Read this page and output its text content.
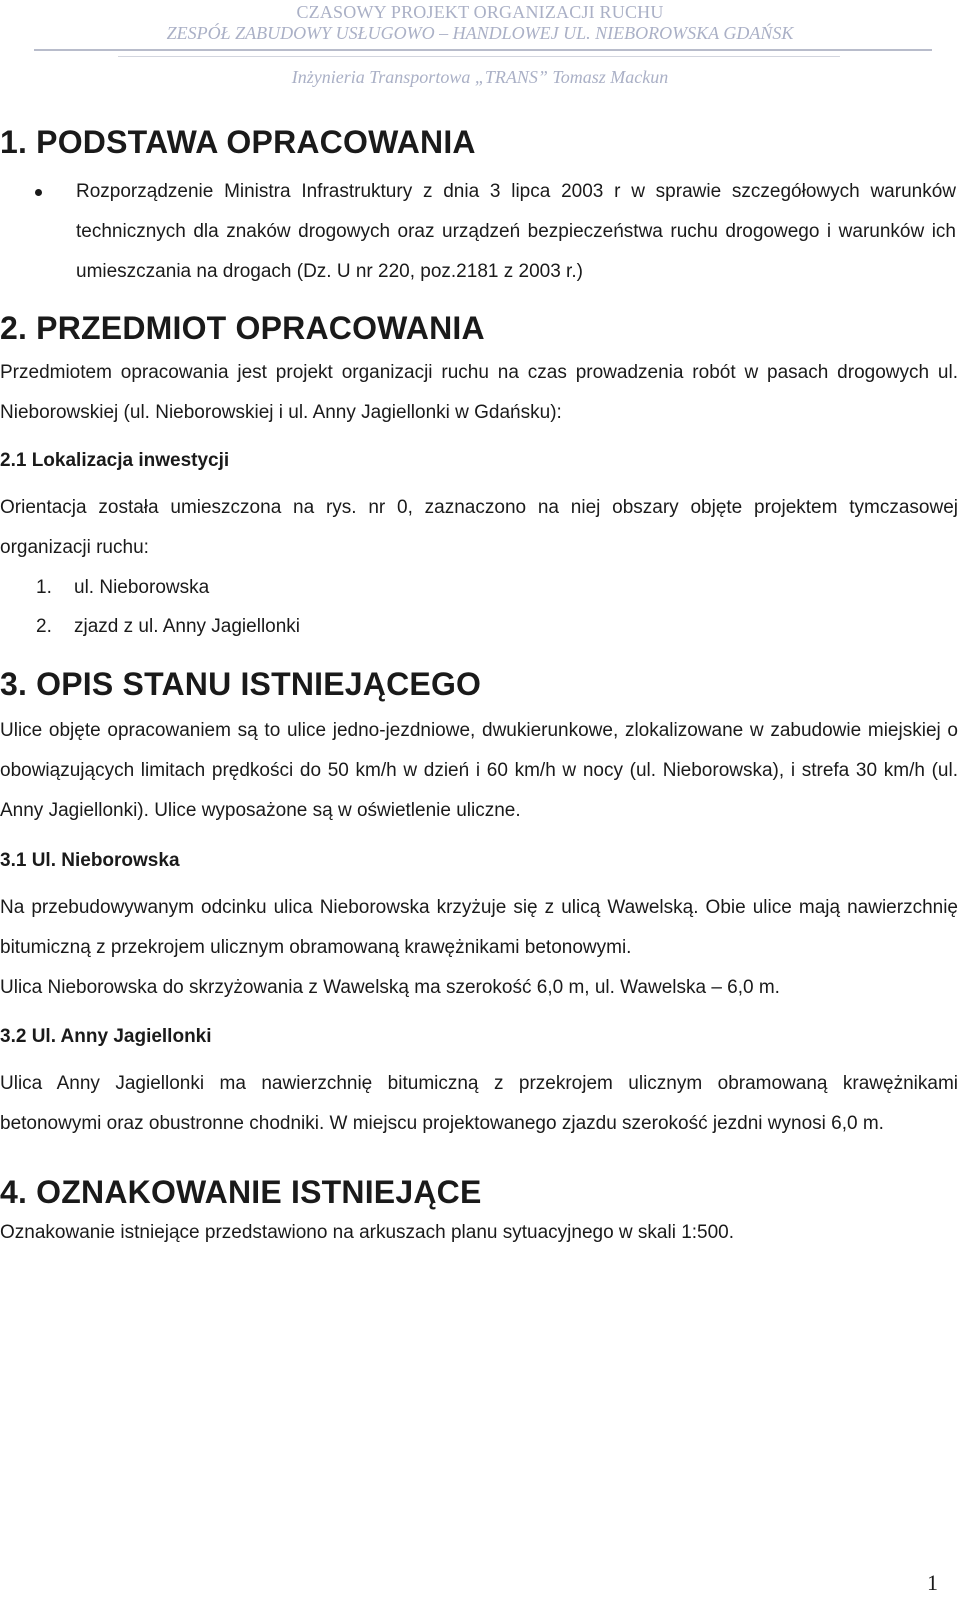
CZASOWY PROJEKT ORGANIZACJI RUCHU
ZESPÓŁ ZABUDOWY USŁUGOWO – HANDLOWEJ UL. NIEBOROWSKA GDAŃSK
Inżynieria Transportowa „TRANS” Tomasz Mackun
1. PODSTAWA OPRACOWANIA

Rozporządzenie Ministra Infrastruktury z dnia 3 lipca 2003 r w sprawie szczegółowych warunków technicznych dla znaków drogowych oraz urządzeń bezpieczeństwa ruchu drogowego i warunków ich umieszczania na drogach (Dz. U nr 220, poz.2181 z 2003 r.)

2. PRZEDMIOT OPRACOWANIA

Przedmiotem opracowania jest projekt organizacji ruchu na czas prowadzenia robót w pasach drogowych ul. Nieborowskiej (ul. Nieborowskiej i ul. Anny Jagiellonki w Gdańsku):

2.1 Lokalizacja inwestycji

Orientacja została umieszczona na rys. nr 0, zaznaczono na niej obszary objęte projektem tymczasowej organizacji ruchu:

1. ul. Nieborowska
2. zjazd z ul. Anny Jagiellonki
3. OPIS STANU ISTNIEJĄCEGO

Ulice objęte opracowaniem są to ulice jedno-jezdniowe, dwukierunkowe, zlokalizowane w zabudowie miejskiej o obowiązujących limitach prędkości do 50 km/h w dzień i 60 km/h w nocy (ul. Nieborowska), i strefa 30 km/h (ul. Anny Jagiellonki). Ulice wyposażone są w oświetlenie uliczne.

3.1 Ul. Nieborowska

Na przebudowywanym odcinku ulica Nieborowska krzyżuje się z ulicą Wawelską. Obie ulice mają nawierzchnię bitumiczną z przekrojem ulicznym obramowaną krawężnikami betonowymi.

Ulica Nieborowska do skrzyżowania z Wawelską ma szerokość 6,0 m, ul. Wawelska – 6,0 m.

3.2 Ul. Anny Jagiellonki

Ulica Anny Jagiellonki ma nawierzchnię bitumiczną z przekrojem ulicznym obramowaną krawężnikami betonowymi oraz obustronne chodniki. W miejscu projektowanego zjazdu szerokość jezdni wynosi 6,0 m.

4. OZNAKOWANIE ISTNIEJĄCE

Oznakowanie istniejące przedstawiono na arkuszach planu sytuacyjnego w skali 1:500.

1
